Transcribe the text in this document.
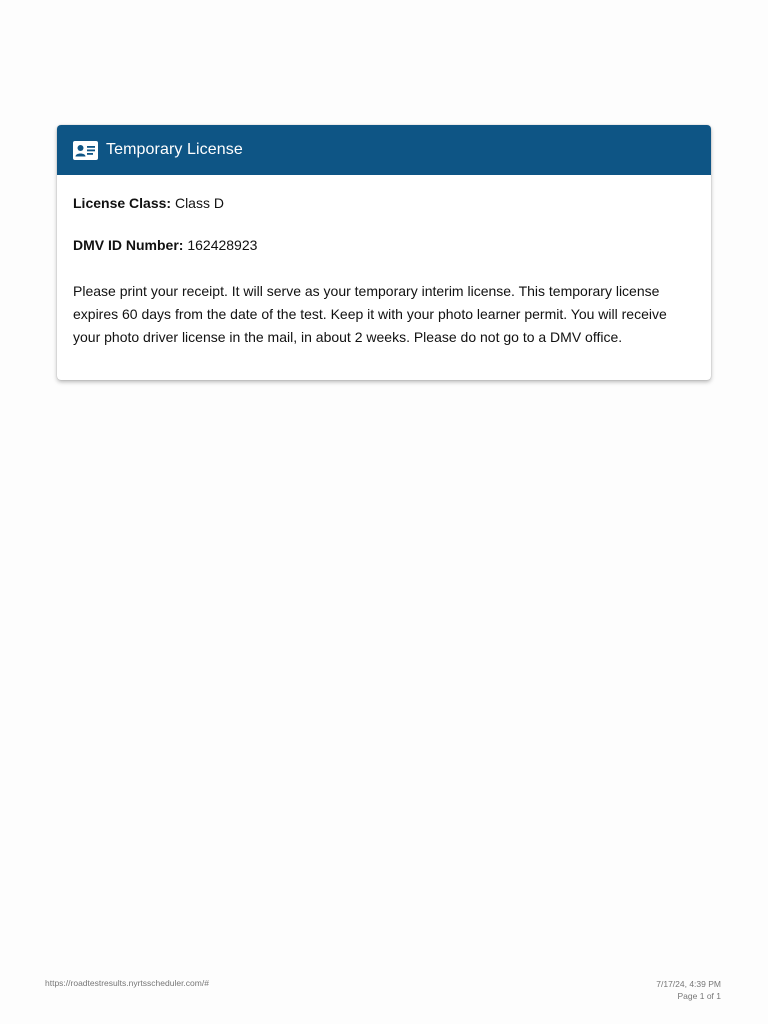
Temporary License
License Class: Class D
DMV ID Number: 162428923

Please print your receipt. It will serve as your temporary interim license. This temporary license expires 60 days from the date of the test. Keep it with your photo learner permit. You will receive your photo driver license in the mail, in about 2 weeks. Please do not go to a DMV office.

https://roadtestresults.nyrtsscheduler.com/#	7/17/24, 4:39 PM
Page 1 of 1
